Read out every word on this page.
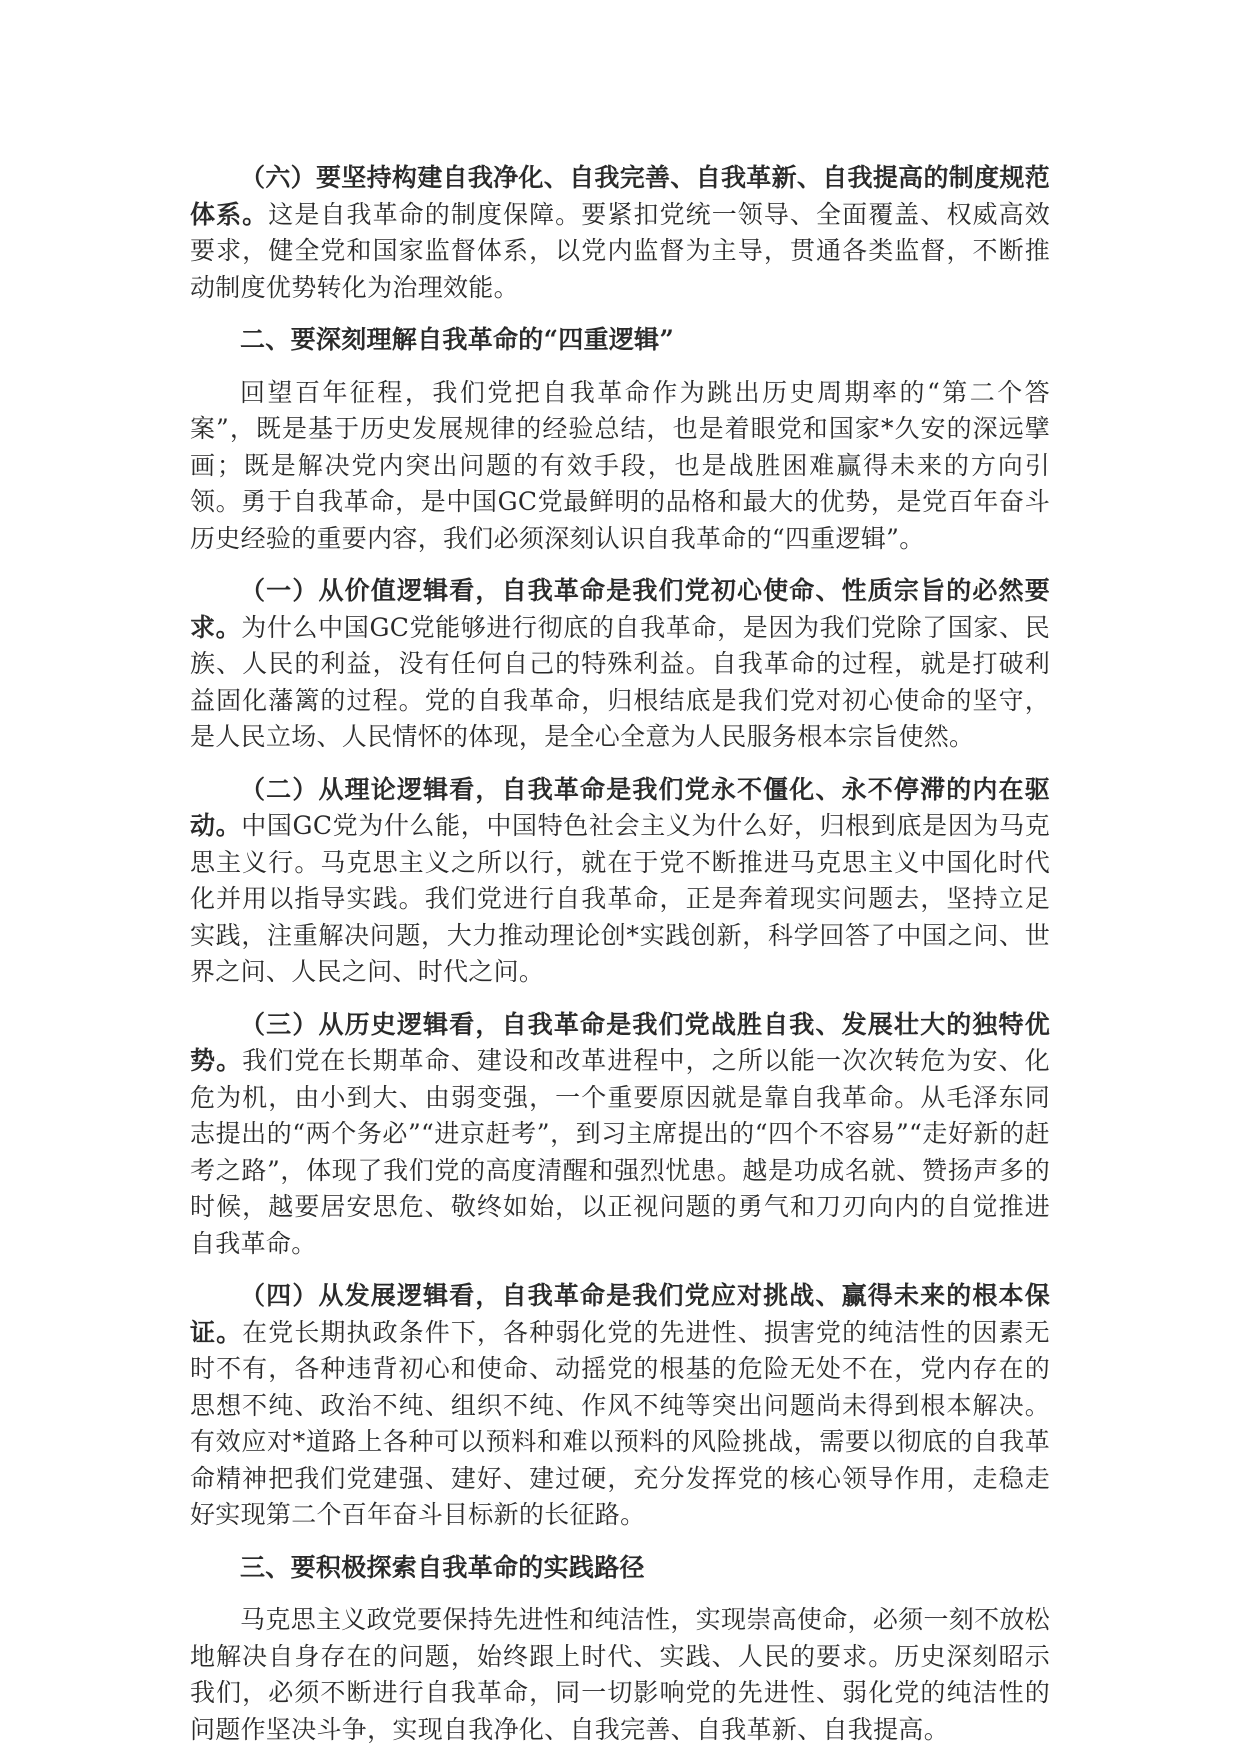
（六）要坚持构建自我净化、自我完善、自我革新、自我提高的制度规范体系。这是自我革命的制度保障。要紧扣党统一领导、全面覆盖、权威高效要求，健全党和国家监督体系，以党内监督为主导，贯通各类监督，不断推动制度优势转化为治理效能。

二、要深刻理解自我革命的“四重逻辑”

回望百年征程，我们党把自我革命作为跳出历史周期率的“第二个答案”，既是基于历史发展规律的经验总结，也是着眼党和国家*久安的深远擘画；既是解决党内突出问题的有效手段，也是战胜困难赢得未来的方向引领。勇于自我革命，是中国GC党最鲜明的品格和最大的优势，是党百年奋斗历史经验的重要内容，我们必须深刻认识自我革命的“四重逻辑”。

（一）从价值逻辑看，自我革命是我们党初心使命、性质宗旨的必然要求。为什么中国GC党能够进行彻底的自我革命，是因为我们党除了国家、民族、人民的利益，没有任何自己的特殊利益。自我革命的过程，就是打破利益固化藩篱的过程。党的自我革命，归根结底是我们党对初心使命的坚守，是人民立场、人民情怀的体现，是全心全意为人民服务根本宗旨使然。

（二）从理论逻辑看，自我革命是我们党永不僵化、永不停滞的内在驱动。中国GC党为什么能，中国特色社会主义为什么好，归根到底是因为马克思主义行。马克思主义之所以行，就在于党不断推进马克思主义中国化时代化并用以指导实践。我们党进行自我革命，正是奔着现实问题去，坚持立足实践，注重解决问题，大力推动理论创*实践创新，科学回答了中国之问、世界之问、人民之问、时代之问。

（三）从历史逻辑看，自我革命是我们党战胜自我、发展壮大的独特优势。我们党在长期革命、建设和改革进程中，之所以能一次次转危为安、化危为机，由小到大、由弱变强，一个重要原因就是靠自我革命。从毛泽东同志提出的“两个务必”“进京赶考”，到习主席提出的“四个不容易”“走好新的赶考之路”，体现了我们党的高度清醒和强烈忧患。越是功成名就、赞扬声多的时候，越要居安思危、敬终如始，以正视问题的勇气和刀刃向内的自觉推进自我革命。

（四）从发展逻辑看，自我革命是我们党应对挑战、赢得未来的根本保证。在党长期执政条件下，各种弱化党的先进性、损害党的纯洁性的因素无时不有，各种违背初心和使命、动摇党的根基的危险无处不在，党内存在的思想不纯、政治不纯、组织不纯、作风不纯等突出问题尚未得到根本解决。有效应对*道路上各种可以预料和难以预料的风险挑战，需要以彻底的自我革命精神把我们党建强、建好、建过硬，充分发挥党的核心领导作用，走稳走好实现第二个百年奋斗目标新的长征路。

三、要积极探索自我革命的实践路径

马克思主义政党要保持先进性和纯洁性，实现崇高使命，必须一刻不放松地解决自身存在的问题，始终跟上时代、实践、人民的要求。历史深刻昭示我们，必须不断进行自我革命，同一切影响党的先进性、弱化党的纯洁性的问题作坚决斗争，实现自我净化、自我完善、自我革新、自我提高。
